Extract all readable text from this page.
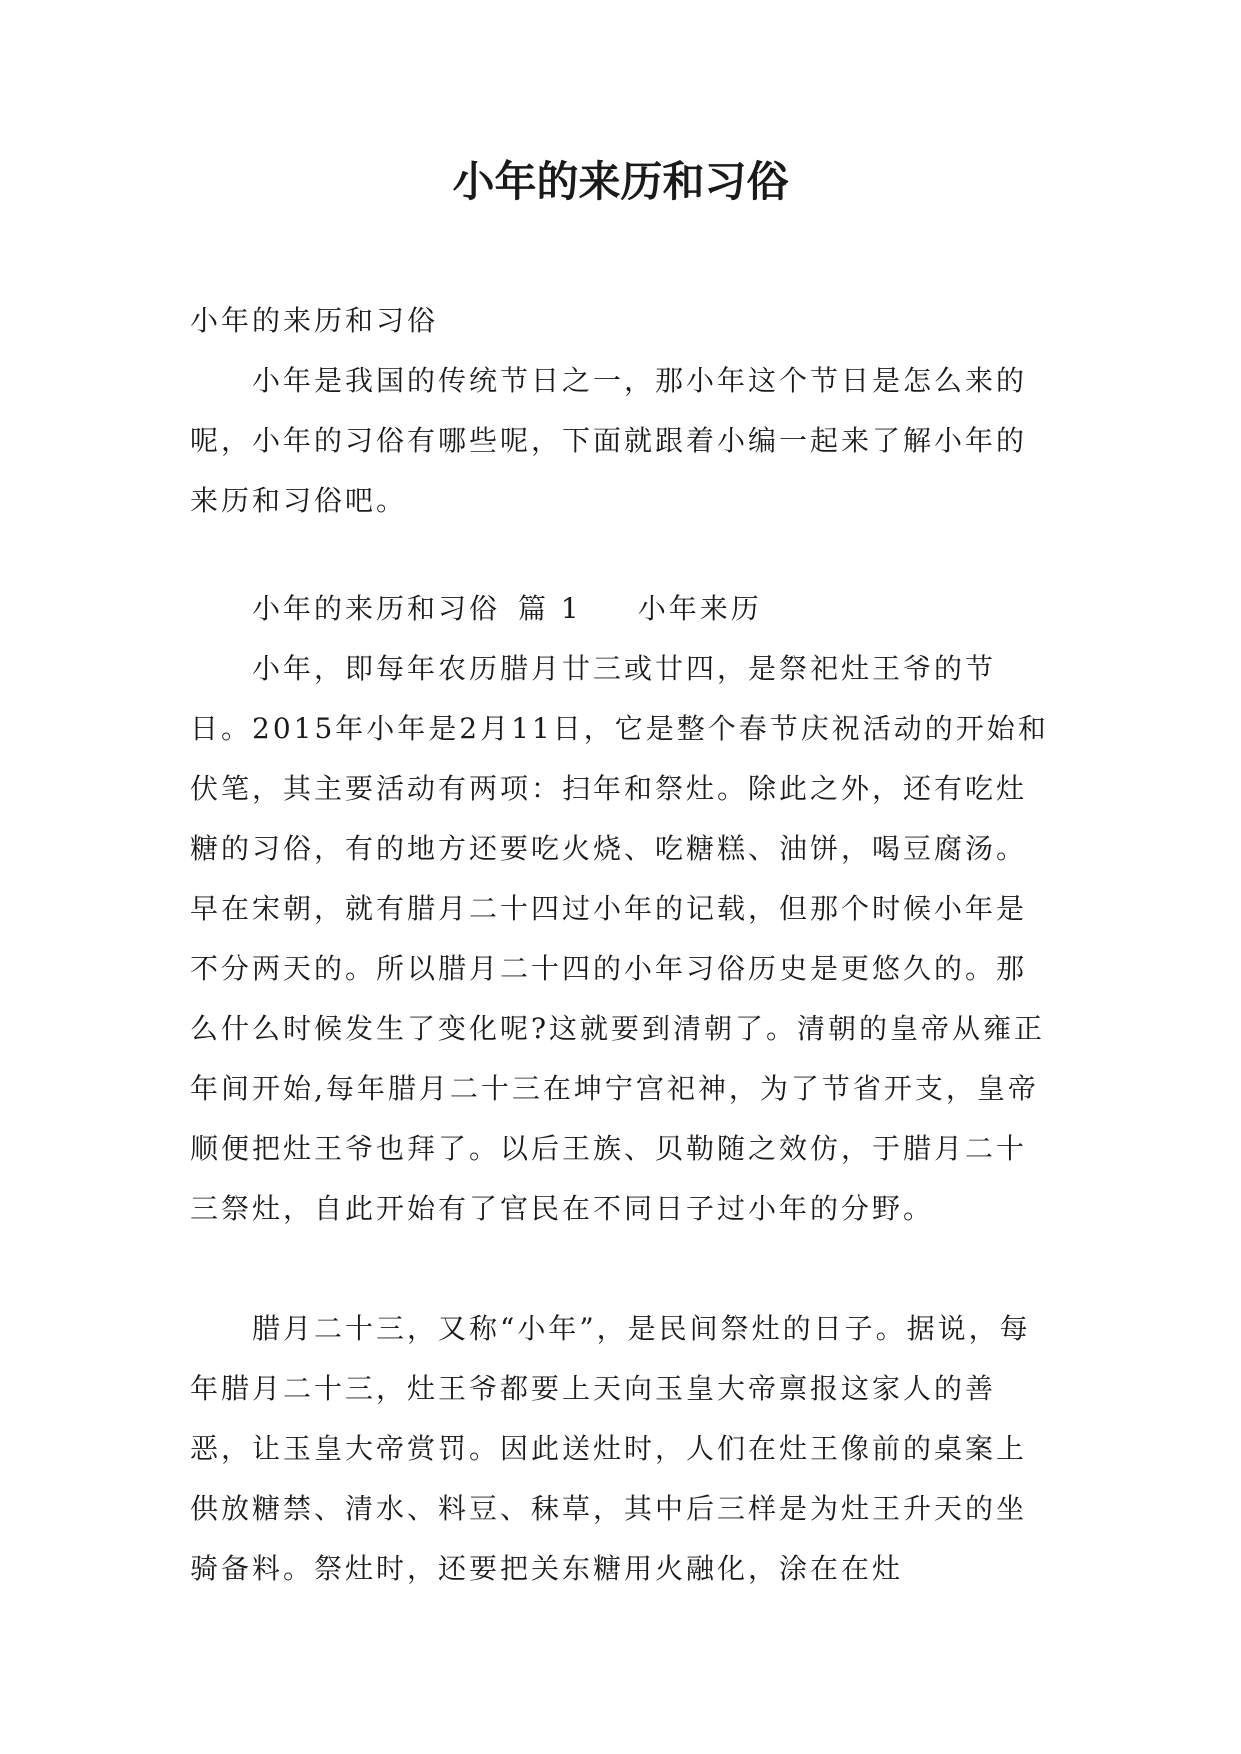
小年的来历和习俗

小年的来历和习俗

小年是我国的传统节日之一，那小年这个节日是怎么来的呢，小年的习俗有哪些呢，下面就跟着小编一起来了解小年的来历和习俗吧。

小年的来历和习俗 篇 1 小年来历

小年，即每年农历腊月廿三或廿四，是祭祀灶王爷的节日。2015年小年是2月11日，它是整个春节庆祝活动的开始和伏笔，其主要活动有两项：扫年和祭灶。除此之外，还有吃灶糖的习俗，有的地方还要吃火烧、吃糖糕、油饼，喝豆腐汤。早在宋朝，就有腊月二十四过小年的记载，但那个时候小年是不分两天的。所以腊月二十四的小年习俗历史是更悠久的。那么什么时候发生了变化呢?这就要到清朝了。清朝的皇帝从雍正年间开始,每年腊月二十三在坤宁宫祀神，为了节省开支，皇帝顺便把灶王爷也拜了。以后王族、贝勒随之效仿，于腊月二十三祭灶，自此开始有了官民在不同日子过小年的分野。

腊月二十三，又称“小年”，是民间祭灶的日子。据说，每年腊月二十三，灶王爷都要上天向玉皇大帝禀报这家人的善恶，让玉皇大帝赏罚。因此送灶时，人们在灶王像前的桌案上供放糖禁、清水、料豆、秣草，其中后三样是为灶王升天的坐骑备料。祭灶时，还要把关东糖用火融化，涂在在灶
